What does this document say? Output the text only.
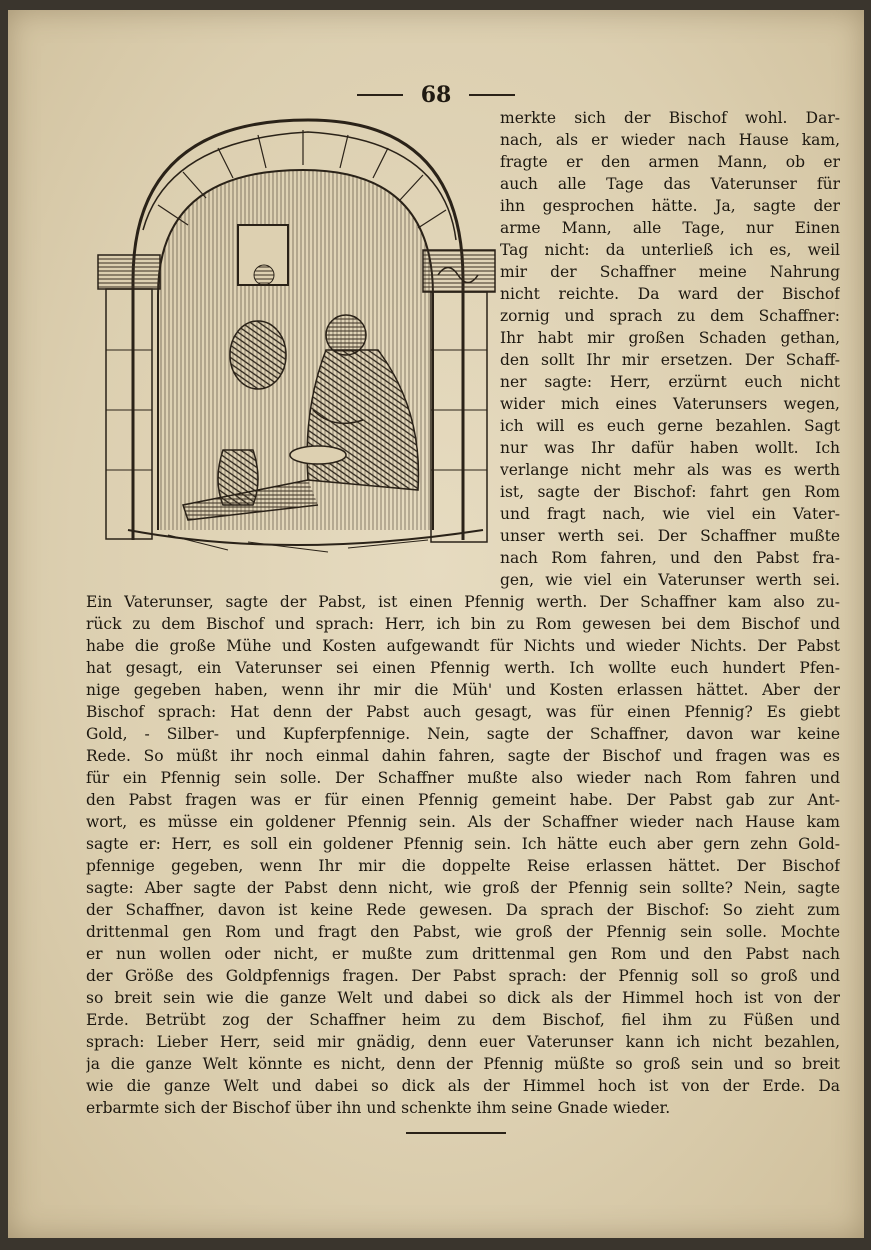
68
merkte sich der Bischof wohl. Dar-
nach, als er wieder nach Hause kam,
fragte er den armen Mann, ob er
auch alle Tage das Vaterunser für
ihn gesprochen hätte. Ja, sagte der
arme Mann, alle Tage, nur Einen
Tag nicht: da unterließ ich es, weil
mir der Schaffner meine Nahrung
nicht reichte. Da ward der Bischof
zornig und sprach zu dem Schaffner:
Ihr habt mir großen Schaden gethan,
den sollt Ihr mir ersetzen. Der Schaff-
ner sagte: Herr, erzürnt euch nicht
wider mich eines Vaterunsers wegen,
ich will es euch gerne bezahlen. Sagt
nur was Ihr dafür haben wollt. Ich
verlange nicht mehr als was es werth
ist, sagte der Bischof: fahrt gen Rom
und fragt nach, wie viel ein Vater-
unser werth sei. Der Schaffner mußte
nach Rom fahren, und den Pabst fra-
gen, wie viel ein Vaterunser werth sei.
Ein Vaterunser, sagte der Pabst, ist einen Pfennig werth. Der Schaffner kam also zu-
rück zu dem Bischof und sprach: Herr, ich bin zu Rom gewesen bei dem Bischof und
habe die große Mühe und Kosten aufgewandt für Nichts und wieder Nichts. Der Pabst
hat gesagt, ein Vaterunser sei einen Pfennig werth. Ich wollte euch hundert Pfen-
nige gegeben haben, wenn ihr mir die Müh' und Kosten erlassen hättet. Aber der
Bischof sprach: Hat denn der Pabst auch gesagt, was für einen Pfennig? Es giebt
Gold, - Silber- und Kupferpfennige. Nein, sagte der Schaffner, davon war keine
Rede. So müßt ihr noch einmal dahin fahren, sagte der Bischof und fragen was es
für ein Pfennig sein solle. Der Schaffner mußte also wieder nach Rom fahren und
den Pabst fragen was er für einen Pfennig gemeint habe. Der Pabst gab zur Ant-
wort, es müsse ein goldener Pfennig sein. Als der Schaffner wieder nach Hause kam
sagte er: Herr, es soll ein goldener Pfennig sein. Ich hätte euch aber gern zehn Gold-
pfennige gegeben, wenn Ihr mir die doppelte Reise erlassen hättet. Der Bischof
sagte: Aber sagte der Pabst denn nicht, wie groß der Pfennig sein sollte? Nein, sagte
der Schaffner, davon ist keine Rede gewesen. Da sprach der Bischof: So zieht zum
drittenmal gen Rom und fragt den Pabst, wie groß der Pfennig sein solle. Mochte
er nun wollen oder nicht, er mußte zum drittenmal gen Rom und den Pabst nach
der Größe des Goldpfennigs fragen. Der Pabst sprach: der Pfennig soll so groß und
so breit sein wie die ganze Welt und dabei so dick als der Himmel hoch ist von der
Erde. Betrübt zog der Schaffner heim zu dem Bischof, fiel ihm zu Füßen und
sprach: Lieber Herr, seid mir gnädig, denn euer Vaterunser kann ich nicht bezahlen,
ja die ganze Welt könnte es nicht, denn der Pfennig müßte so groß sein und so breit
wie die ganze Welt und dabei so dick als der Himmel hoch ist von der Erde. Da
erbarmte sich der Bischof über ihn und schenkte ihm seine Gnade wieder.
